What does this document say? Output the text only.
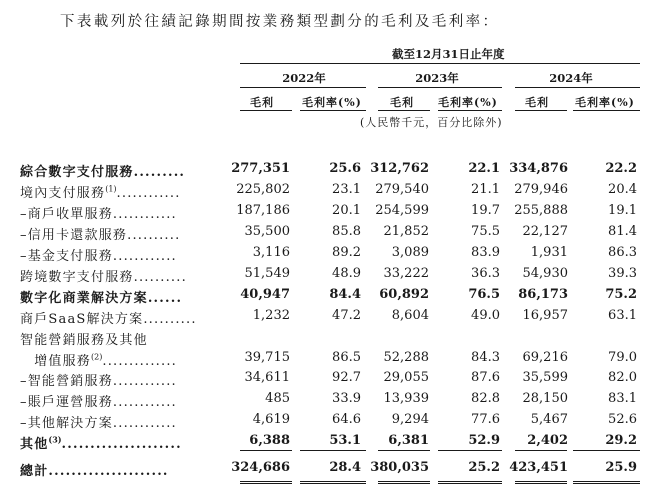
下表載列於往績記錄期間按業務類型劃分的毛利及毛利率：
截至12月31日止年度
2022年	2023年	2024年
毛利	毛利率(%)	毛利 毛利率(%) 毛利 毛利率(%)
(人民幣千元，百分比除外)
綜合數字支付服務.........	277,351	25.6 312,762	22.1 334,876	22.2
境內支付服務$^{(1)}$............	225,802	23.1 279,540	21.1 279,946	20.4
–商戶收單服務............	187,186	20.1 254,599	19.7 255,888	19.1
–信用卡還款服務..........	35,500	85.8 21,852	75.5 22,127	81.4
–基金支付服務............	3,116	89.2 3,089	83.9 1,931	86.3
跨境數字支付服務..........	51,549	48.9 33,222	36.3 54,930	39.3
數字化商業解決方案......	40,947	84.4 60,892	76.5 86,173	75.2
商戶SaaS解決方案..........	1,232	47.2 8,604	49.0 16,957	63.1
智能營銷服務及其他
　增值服務$^{(2)}$..............	39,715	86.5 52,288	84.3 69,216	79.0
–智能營銷服務............	34,611	92.7 29,055	87.6 35,599	82.0
–賬戶運營服務............	485	33.9 13,939	82.8 28,150	83.1
–其他解決方案............	4,619	64.6 9,294	77.6 5,467	52.6
其他$^{(3)}$.....................	6,388	53.1 6,381	52.9 2,402	29.2
總計.....................	324,686	28.4 380,035	25.2 423,451	25.9
